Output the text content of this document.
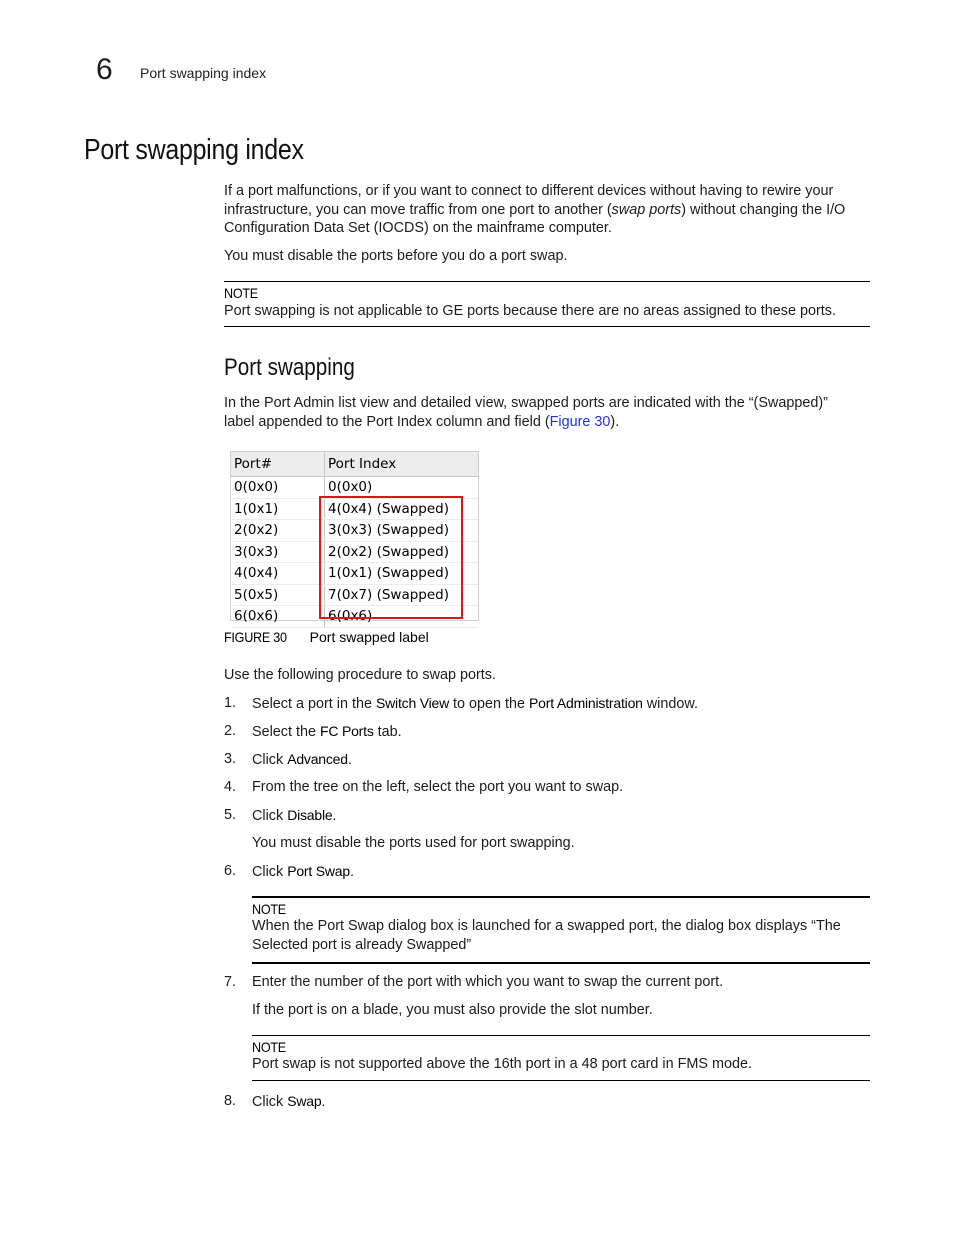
6 Port swapping index
Port swapping index
If a port malfunctions, or if you want to connect to different devices without having to rewire your
infrastructure, you can move traffic from one port to another (swap ports) without changing the I/O
Configuration Data Set (IOCDS) on the mainframe computer.
You must disable the ports before you do a port swap.
NOTE
Port swapping is not applicable to GE ports because there are no areas assigned to these ports.
Port swapping
In the Port Admin list view and detailed view, swapped ports are indicated with the “(Swapped)”
label appended to the Port Index column and field (Figure 30).
Port#	Port Index
0(0x0)	0(0x0)
1(0x1)	4(0x4) (Swapped)
2(0x2)	3(0x3) (Swapped)
3(0x3)	2(0x2) (Swapped)
4(0x4)	1(0x1) (Swapped)
5(0x5)	7(0x7) (Swapped)
6(0x6)	6(0x6)
FIGURE 30 Port swapped label
Use the following procedure to swap ports.
1. Select a port in the Switch View to open the Port Administration window.
2. Select the FC Ports tab.
3. Click Advanced.
4. From the tree on the left, select the port you want to swap.
5. Click Disable.
You must disable the ports used for port swapping.
6. Click Port Swap.
NOTE
When the Port Swap dialog box is launched for a swapped port, the dialog box displays “The
Selected port is already Swapped”
7. Enter the number of the port with which you want to swap the current port.
If the port is on a blade, you must also provide the slot number.
NOTE
Port swap is not supported above the 16th port in a 48 port card in FMS mode.
8. Click Swap.
